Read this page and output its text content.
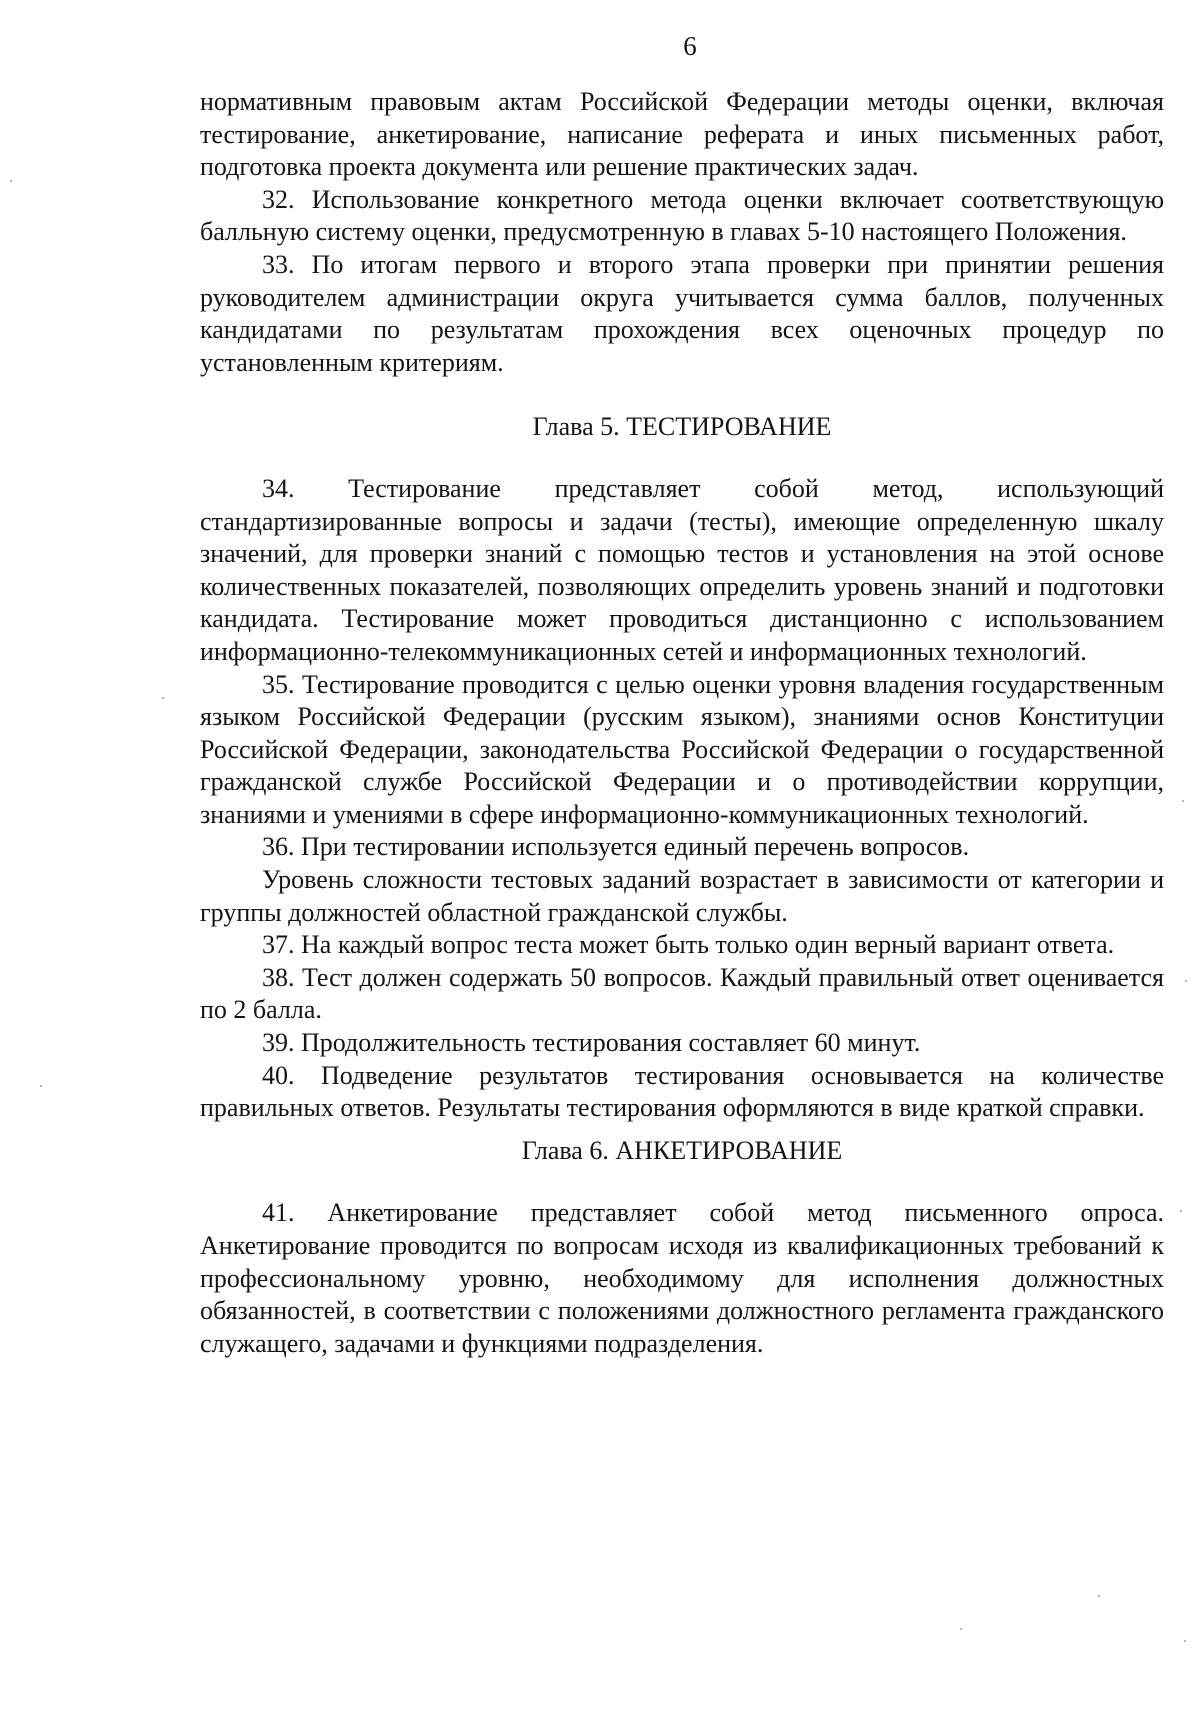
6

нормативным правовым актам Российской Федерации методы оценки, включая тестирование, анкетирование, написание реферата и иных письменных работ, подготовка проекта документа или решение практических задач.

32. Использование конкретного метода оценки включает соответствующую балльную систему оценки, предусмотренную в главах 5-10 настоящего Положения.

33. По итогам первого и второго этапа проверки при принятии решения руководителем администрации округа учитывается сумма баллов, полученных кандидатами по результатам прохождения всех оценочных процедур по установленным критериям.

Глава 5. ТЕСТИРОВАНИЕ

34. Тестирование представляет собой метод, использующий стандартизированные вопросы и задачи (тесты), имеющие определенную шкалу значений, для проверки знаний с помощью тестов и установления на этой основе количественных показателей, позволяющих определить уровень знаний и подготовки кандидата. Тестирование может проводиться дистанционно с использованием информационно-телекоммуникационных сетей и информационных технологий.

35. Тестирование проводится с целью оценки уровня владения государственным языком Российской Федерации (русским языком), знаниями основ Конституции Российской Федерации, законодательства Российской Федерации о государственной гражданской службе Российской Федерации и о противодействии коррупции, знаниями и умениями в сфере информационно-коммуникационных технологий.

36. При тестировании используется единый перечень вопросов.

Уровень сложности тестовых заданий возрастает в зависимости от категории и группы должностей областной гражданской службы.

37. На каждый вопрос теста может быть только один верный вариант ответа.

38. Тест должен содержать 50 вопросов. Каждый правильный ответ оценивается по 2 балла.

39. Продолжительность тестирования составляет 60 минут.

40. Подведение результатов тестирования основывается на количестве правильных ответов. Результаты тестирования оформляются в виде краткой справки.

Глава 6. АНКЕТИРОВАНИЕ

41. Анкетирование представляет собой метод письменного опроса. Анкетирование проводится по вопросам исходя из квалификационных требований к профессиональному уровню, необходимому для исполнения должностных обязанностей, в соответствии с положениями должностного регламента гражданского служащего, задачами и функциями подразделения.
